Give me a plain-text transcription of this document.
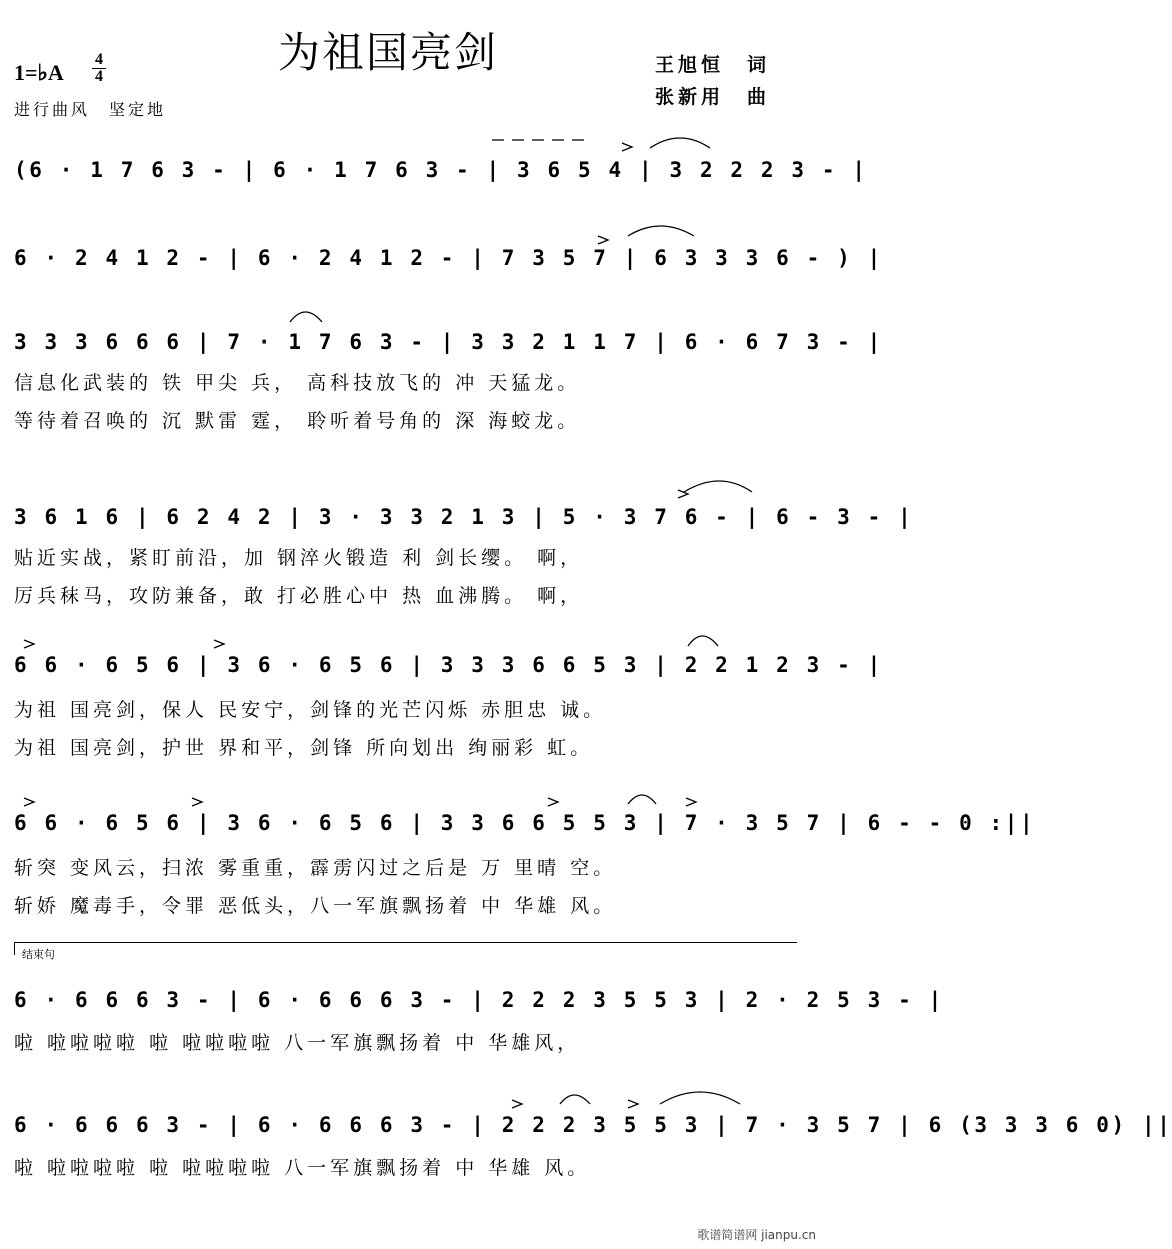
为祖国亮剑
1=♭A
4
4
进行曲风　坚定地
王旭恒　词
张新用　曲
(6 · 1 7 6 3 - | 6 · 1 7 6 3 - | 3 6 5 4 | 3 2 2 2 3 - |
6 · 2 4 1 2 - | 6 · 2 4 1 2 - | 7 3 5 7 | 6 3 3 3 6 - ) |
3 3 3 6 6 6 | 7 · 1 7 6 3 - | 3 3 2 1 1 7 | 6 · 6 7 3 - |
信息化武装的 铁 甲尖 兵， 高科技放飞的 冲 天猛龙。
等待着召唤的 沉 默雷 霆， 聆听着号角的 深 海蛟龙。
3 6 1 6 | 6 2 4 2 | 3 · 3 3 2 1 3 | 5 · 3 7 6 - | 6 - 3 - |
贴近实战，紧盯前沿，加 钢淬火锻造 利 剑长缨。 啊，
厉兵秣马，攻防兼备，敢 打必胜心中 热 血沸腾。 啊，
6 6 · 6 5 6 | 3 6 · 6 5 6 | 3 3 3 6 6 5 3 | 2 2 1 2 3 - |
为祖 国亮剑，保人 民安宁，剑锋的光芒闪烁 赤胆忠 诚。
为祖 国亮剑，护世 界和平，剑锋 所向划出 绚丽彩 虹。
6 6 · 6 5 6 | 3 6 · 6 5 6 | 3 3 6 6 5 5 3 | 7 · 3 5 7 | 6 - - 0 :||
斩突 变风云，扫浓 雾重重，霹雳闪过之后是 万 里晴 空。
斩娇 魔毒手，令罪 恶低头，八一军旗飘扬着 中 华雄 风。
结束句
6 · 6 6 6 3 - | 6 · 6 6 6 3 - | 2 2 2 3 5 5 3 | 2 · 2 5 3 - |
啦 啦啦啦啦 啦 啦啦啦啦 八一军旗飘扬着 中 华雄风，
6 · 6 6 6 3 - | 6 · 6 6 6 3 - | 2 2 2 3 5 5 3 | 7 · 3 5 7 | 6 (3 3 3 6 0) ||
啦 啦啦啦啦 啦 啦啦啦啦 八一军旗飘扬着 中 华雄 风。
歌谱简谱网 jianpu.cn
